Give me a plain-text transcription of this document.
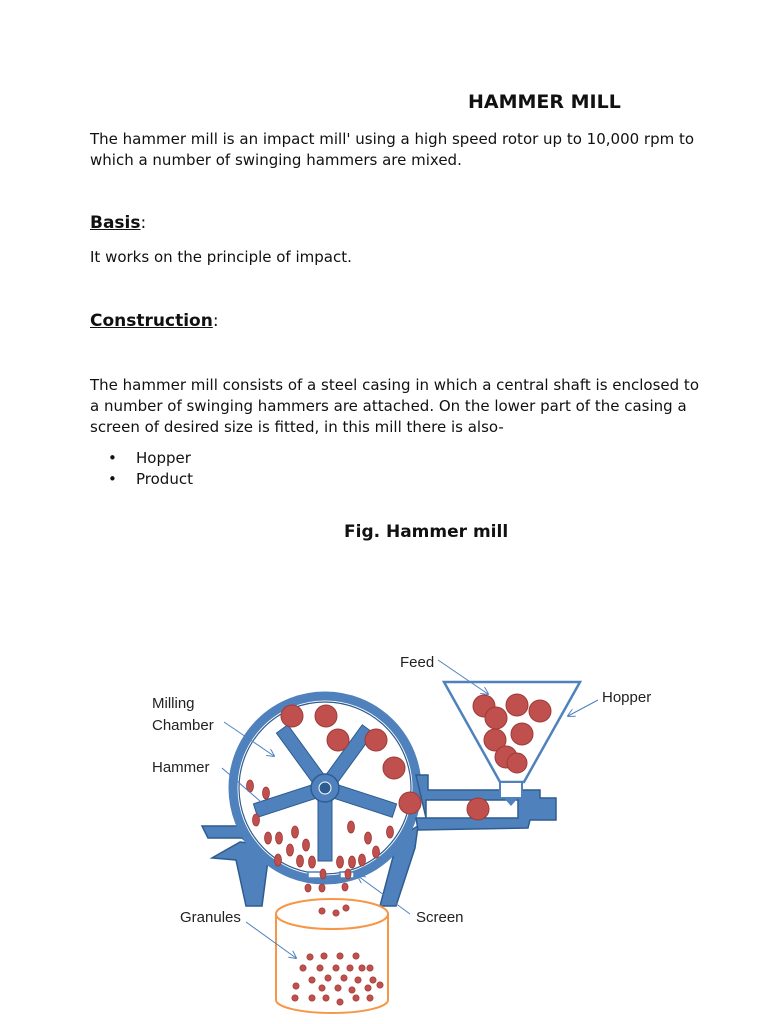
HAMMER MILL

The hammer mill is an impact mill' using a high speed rotor up to 10,000 rpm to which a number of swinging hammers are mixed.

Basis:

It works on the principle of impact.

Construction:

The hammer mill consists of a steel casing in which a central shaft is enclosed to a number of swinging hammers are attached. On the lower part of the casing a screen of desired size is fitted, in this mill there is also-

• Hopper
• Product

Fig. Hammer mill

Feed
Hopper
Milling
Chamber
Hammer
Granules	Screen
